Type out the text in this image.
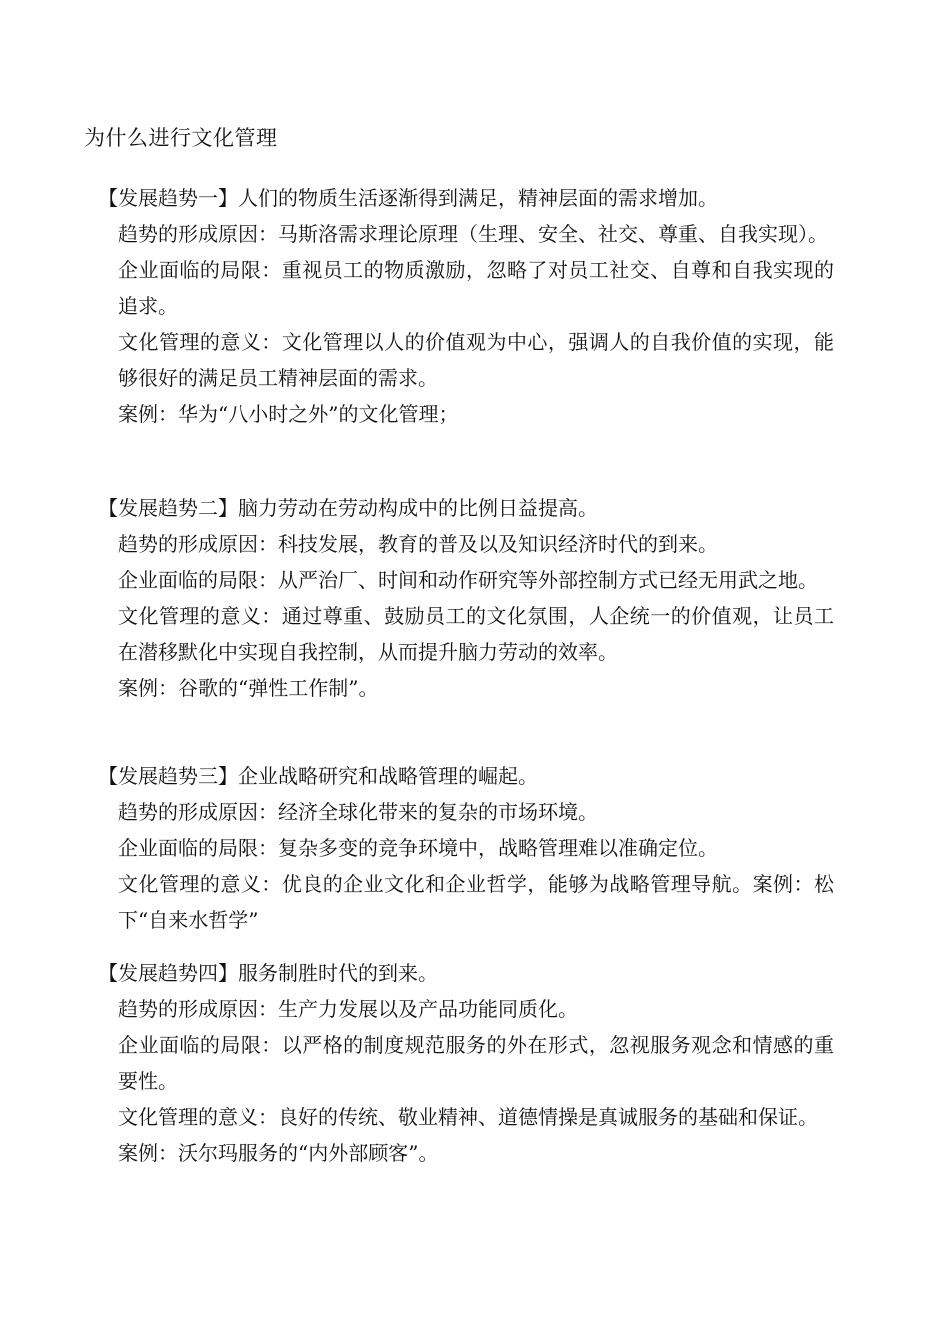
为什么进行文化管理

【发展趋势一】人们的物质生活逐渐得到满足，精神层面的需求增加。

趋势的形成原因：马斯洛需求理论原理（生理、安全、社交、尊重、自我实现）。

企业面临的局限：重视员工的物质激励，忽略了对员工社交、自尊和自我实现的追求。

文化管理的意义：文化管理以人的价值观为中心，强调人的自我价值的实现，能够很好的满足员工精神层面的需求。

案例：华为“八小时之外”的文化管理；

【发展趋势二】脑力劳动在劳动构成中的比例日益提高。

趋势的形成原因：科技发展，教育的普及以及知识经济时代的到来。

企业面临的局限：从严治厂、时间和动作研究等外部控制方式已经无用武之地。

文化管理的意义：通过尊重、鼓励员工的文化氛围，人企统一的价值观，让员工在潜移默化中实现自我控制，从而提升脑力劳动的效率。

案例：谷歌的“弹性工作制”。

【发展趋势三】企业战略研究和战略管理的崛起。

趋势的形成原因：经济全球化带来的复杂的市场环境。

企业面临的局限：复杂多变的竞争环境中，战略管理难以准确定位。

文化管理的意义：优良的企业文化和企业哲学，能够为战略管理导航。案例：松下“自来水哲学”

【发展趋势四】服务制胜时代的到来。

趋势的形成原因：生产力发展以及产品功能同质化。

企业面临的局限：以严格的制度规范服务的外在形式，忽视服务观念和情感的重要性。

文化管理的意义：良好的传统、敬业精神、道德情操是真诚服务的基础和保证。

案例：沃尔玛服务的“内外部顾客”。
